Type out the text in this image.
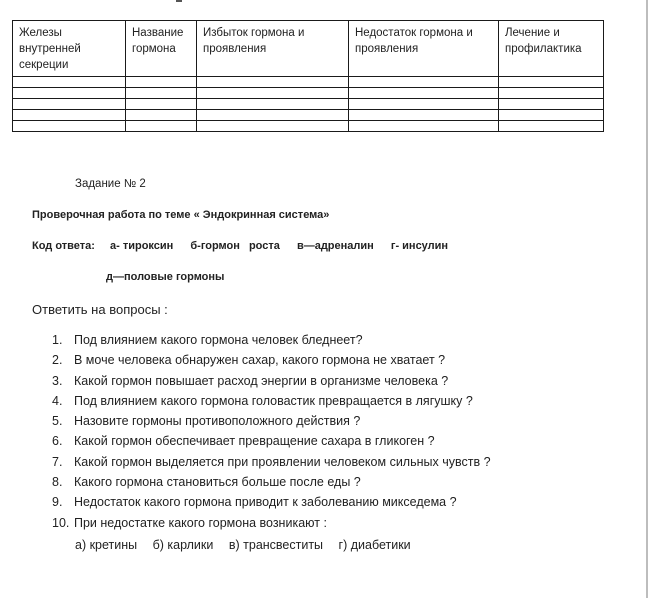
Железы внутренней секреции	Название гормона	Избыток гормона и проявления	Недостаток гормона и проявления	Лечение и профилактика

Задание № 2
Проверочная работа по теме « Эндокринная система»
Код ответа: а- тироксин б-гормон роста в—адреналин г- инсулин
д—половые гормоны
Ответить на вопросы :
1. Под влиянием какого гормона человек бледнеет?
2. В моче человека обнаружен сахар, какого гормона не хватает ?
3. Какой гормон повышает расход энергии в организме человека ?
4. Под влиянием какого гормона головастик превращается в лягушку ?
5. Назовите гормоны противоположного действия ?
6. Какой гормон обеспечивает превращение сахара в гликоген ?
7. Какой гормон выделяется при проявлении человеком сильных чувств ?
8. Какого гормона становиться больше после еды ?
9. Недостаток какого гормона приводит к заболеванию микседема ?
10. При недостатке какого гормона возникают :
а) кретины б) карлики в) трансвеститы г) диабетики
